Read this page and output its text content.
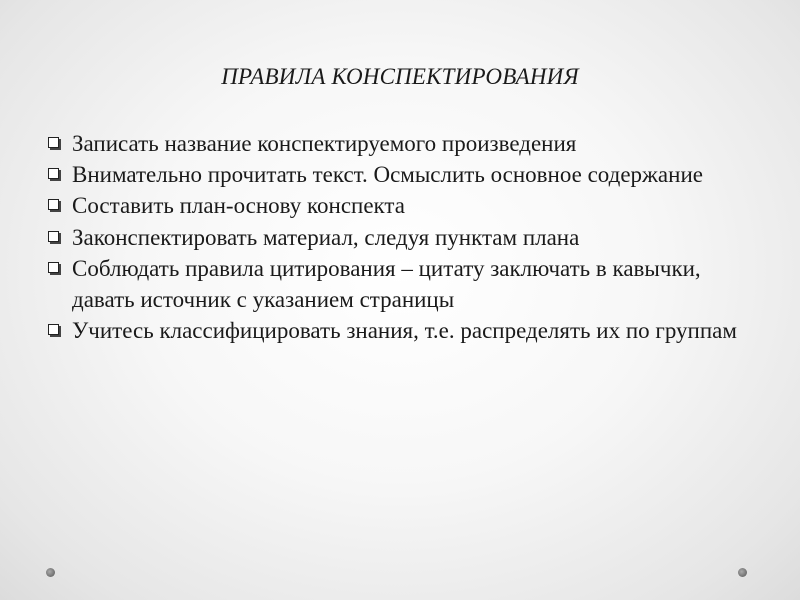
ПРАВИЛА КОНСПЕКТИРОВАНИЯ
Записать название конспектируемого произведения
Внимательно прочитать текст. Осмыслить основное содержание
Составить план-основу конспекта
Законспектировать материал, следуя пунктам плана
Соблюдать правила цитирования – цитату заключать в кавычки, давать источник с указанием страницы
Учитесь классифицировать знания, т.е. распределять их по группам
